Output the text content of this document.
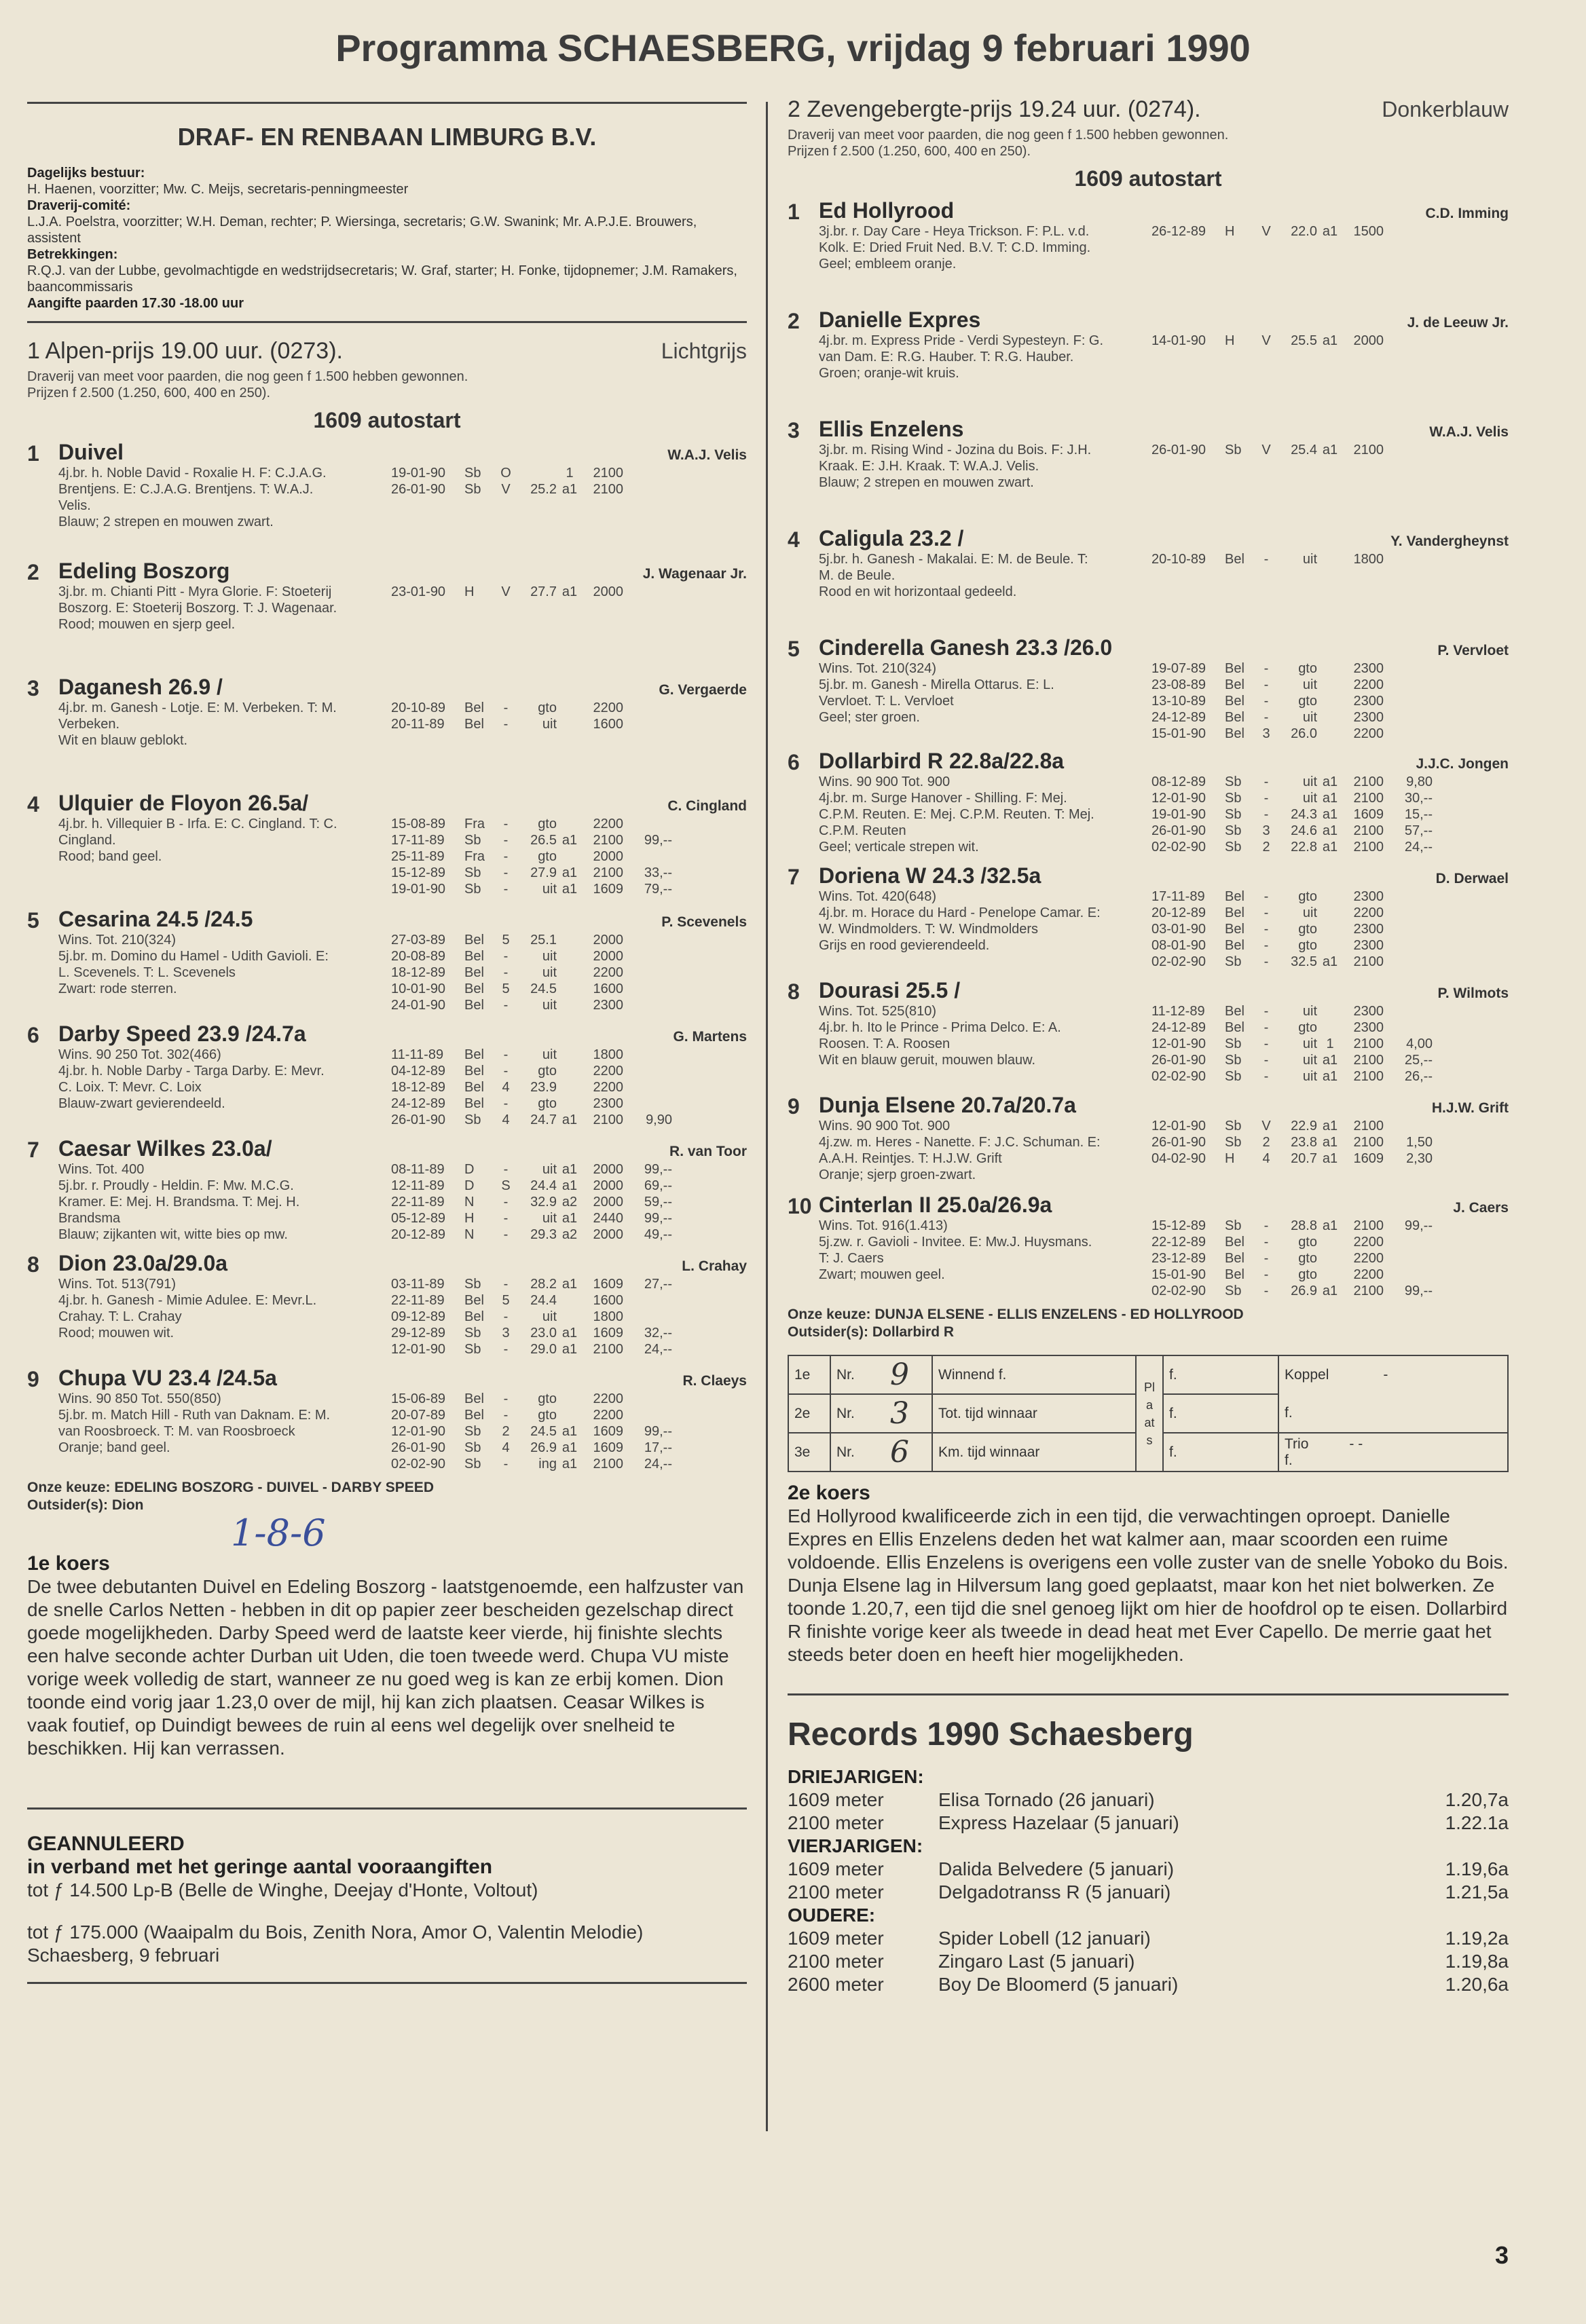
Programma SCHAESBERG, vrijdag 9 februari 1990
DRAF- EN RENBAAN LIMBURG B.V.
Dagelijks bestuur:
H. Haenen, voorzitter; Mw. C. Meijs, secretaris-penningmeester
Draverij-comité:
L.J.A. Poelstra, voorzitter; W.H. Deman, rechter; P. Wiersinga, secretaris; G.W. Swanink; Mr. A.P.J.E. Brouwers, assistent
Betrekkingen:
R.Q.J. van der Lubbe, gevolmachtigde en wedstrijdsecretaris; W. Graf, starter; H. Fonke, tijdopnemer; J.M. Ramakers, baancommissaris
Aangifte paarden 17.30 -18.00 uur
1 Alpen-prijs 19.00 uur. (0273).	Lichtgrijs
Draverij van meet voor paarden, die nog geen f 1.500 hebben gewonnen.
Prijzen f 2.500 (1.250, 600, 400 en 250).
1609 autostart
1 Duivel	W.A.J. Velis
4j.br. h. Noble David - Roxalie H. F: C.J.A.G.
Brentjens. E: C.J.A.G. Brentjens. T: W.A.J.
Velis.
Blauw; 2 strepen en mouwen zwart.
19-01-90	Sb	O	1	2100
26-01-90	Sb	V	25.2 a1	2100
2 Edeling Boszorg	J. Wagenaar Jr.
3j.br. m. Chianti Pitt - Myra Glorie. F: Stoeterij
Boszorg. E: Stoeterij Boszorg. T: J. Wagenaar.
Rood; mouwen en sjerp geel.
23-01-90	H	V	27.7 a1	2000
3 Daganesh 26.9 /	G. Vergaerde
4j.br. m. Ganesh - Lotje. E: M. Verbeken. T: M.
Verbeken.
Wit en blauw geblokt.
20-10-89	Bel	-	gto	2200
20-11-89	Bel	-	uit	1600
4 Ulquier de Floyon 26.5a/	C. Cingland
4j.br. h. Villequier B - Irfa. E: C. Cingland. T: C.
Cingland.
Rood; band geel.
15-08-89	Fra	-	gto	2200
17-11-89	Sb	-	26.5 a1	2100	99,--
25-11-89	Fra	-	gto	2000
15-12-89	Sb	-	27.9 a1	2100	33,--
19-01-90	Sb	-	uit a1	1609	79,--
5 Cesarina 24.5 /24.5	P. Scevenels
Wins. Tot. 210(324)
5j.br. m. Domino du Hamel - Udith Gavioli. E:
L. Scevenels. T: L. Scevenels
Zwart: rode sterren.
27-03-89	Bel	5	25.1	2000
20-08-89	Bel	-	uit	2000
18-12-89	Bel	-	uit	2200
10-01-90	Bel	5	24.5	1600
24-01-90	Bel	-	uit	2300
6 Darby Speed 23.9 /24.7a	G. Martens
Wins. 90 250 Tot. 302(466)
4j.br. h. Noble Darby - Targa Darby. E: Mevr.
C. Loix. T: Mevr. C. Loix
Blauw-zwart gevierendeeld.
11-11-89	Bel	-	uit	1800
04-12-89	Bel	-	gto	2200
18-12-89	Bel	4	23.9	2200
24-12-89	Bel	-	gto	2300
26-01-90	Sb	4	24.7 a1	2100	9,90
7 Caesar Wilkes 23.0a/	R. van Toor
Wins. Tot. 400
5j.br. r. Proudly - Heldin. F: Mw. M.C.G.
Kramer. E: Mej. H. Brandsma. T: Mej. H.
Brandsma
Blauw; zijkanten wit, witte bies op mw.
08-11-89	D	-	uit a1	2000	99,--
12-11-89	D	S	24.4 a1	2000	69,--
22-11-89	N	-	32.9 a2	2000	59,--
05-12-89	H	-	uit a1	2440	99,--
20-12-89	N	-	29.3 a2	2000	49,--
8 Dion 23.0a/29.0a	L. Crahay
Wins. Tot. 513(791)
4j.br. h. Ganesh - Mimie Adulee. E: Mevr.L.
Crahay. T: L. Crahay
Rood; mouwen wit.
03-11-89	Sb	-	28.2 a1	1609	27,--
22-11-89	Bel	5	24.4	1600
09-12-89	Bel	-	uit	1800
29-12-89	Sb	3	23.0 a1	1609	32,--
12-01-90	Sb	-	29.0 a1	2100	24,--
9 Chupa VU 23.4 /24.5a	R. Claeys
Wins. 90 850 Tot. 550(850)
5j.br. m. Match Hill - Ruth van Daknam. E: M.
van Roosbroeck. T: M. van Roosbroeck
Oranje; band geel.
15-06-89	Bel	-	gto	2200
20-07-89	Bel	-	gto	2200
12-01-90	Sb	2	24.5 a1	1609	99,--
26-01-90	Sb	4	26.9 a1	1609	17,--
02-02-90	Sb	-	ing a1	2100	24,--
Onze keuze: EDELING BOSZORG - DUIVEL - DARBY SPEED
Outsider(s): Dion
1-8-6
1e koers
De twee debutanten Duivel en Edeling Boszorg - laatstgenoemde, een halfzuster van de snelle Carlos Netten - hebben in dit op papier zeer bescheiden gezelschap direct goede mogelijkheden. Darby Speed werd de laatste keer vierde, hij finishte slechts een halve seconde achter Durban uit Uden, die toen tweede werd. Chupa VU miste vorige week volledig de start, wanneer ze nu goed weg is kan ze erbij komen. Dion toonde eind vorig jaar 1.23,0 over de mijl, hij kan zich plaatsen. Ceasar Wilkes is vaak foutief, op Duindigt bewees de ruin al eens wel degelijk over snelheid te beschikken. Hij kan verrassen.
GEANNULEERD
in verband met het geringe aantal vooraangiften
tot ƒ 14.500 Lp-B (Belle de Winghe, Deejay d'Honte, Voltout)
tot ƒ 175.000 (Waaipalm du Bois, Zenith Nora, Amor O, Valentin Melodie)
Schaesberg, 9 februari
2 Zevengebergte-prijs 19.24 uur. (0274).	Donkerblauw
Draverij van meet voor paarden, die nog geen f 1.500 hebben gewonnen.
Prijzen f 2.500 (1.250, 600, 400 en 250).
1609 autostart
1 Ed Hollyrood	C.D. Imming
3j.br. r. Day Care - Heya Trickson. F: P.L. v.d.
Kolk. E: Dried Fruit Ned. B.V. T: C.D. Imming.
Geel; embleem oranje.
26-12-89	H	V	22.0 a1	1500
2 Danielle Expres	J. de Leeuw Jr.
4j.br. m. Express Pride - Verdi Sypesteyn. F: G.
van Dam. E: R.G. Hauber. T: R.G. Hauber.
Groen; oranje-wit kruis.
14-01-90	H	V	25.5 a1	2000
3 Ellis Enzelens	W.A.J. Velis
3j.br. m. Rising Wind - Jozina du Bois. F: J.H.
Kraak. E: J.H. Kraak. T: W.A.J. Velis.
Blauw; 2 strepen en mouwen zwart.
26-01-90	Sb	V	25.4 a1	2100
4 Caligula 23.2 /	Y. Vandergheynst
5j.br. h. Ganesh - Makalai. E: M. de Beule. T:
M. de Beule.
Rood en wit horizontaal gedeeld.
20-10-89	Bel	-	uit	1800
5 Cinderella Ganesh 23.3 /26.0	P. Vervloet
Wins. Tot. 210(324)
5j.br. m. Ganesh - Mirella Ottarus. E: L.
Vervloet. T: L. Vervloet
Geel; ster groen.
19-07-89	Bel	-	gto	2300
23-08-89	Bel	-	uit	2200
13-10-89	Bel	-	gto	2300
24-12-89	Bel	-	uit	2300
15-01-90	Bel	3	26.0	2200
6 Dollarbird R 22.8a/22.8a	J.J.C. Jongen
Wins. 90 900 Tot. 900
4j.br. m. Surge Hanover - Shilling. F: Mej.
C.P.M. Reuten. E: Mej. C.P.M. Reuten. T: Mej.
C.P.M. Reuten
Geel; verticale strepen wit.
08-12-89	Sb	-	uit a1	2100	9,80
12-01-90	Sb	-	uit a1	2100	30,--
19-01-90	Sb	-	24.3 a1	1609	15,--
26-01-90	Sb	3	24.6 a1	2100	57,--
02-02-90	Sb	2	22.8 a1	2100	24,--
7 Doriena W 24.3 /32.5a	D. Derwael
Wins. Tot. 420(648)
4j.br. m. Horace du Hard - Penelope Camar. E:
W. Windmolders. T: W. Windmolders
Grijs en rood gevierendeeld.
17-11-89	Bel	-	gto	2300
20-12-89	Bel	-	uit	2200
03-01-90	Bel	-	gto	2300
08-01-90	Bel	-	gto	2300
02-02-90	Sb	-	32.5 a1	2100
8 Dourasi 25.5 /	P. Wilmots
Wins. Tot. 525(810)
4j.br. h. Ito le Prince - Prima Delco. E: A.
Roosen. T: A. Roosen
Wit en blauw geruit, mouwen blauw.
11-12-89	Bel	-	uit	2300
24-12-89	Bel	-	gto	2300
12-01-90	Sb	-	uit 1	2100	4,00
26-01-90	Sb	-	uit a1	2100	25,--
02-02-90	Sb	-	uit a1	2100	26,--
9 Dunja Elsene 20.7a/20.7a	H.J.W. Grift
Wins. 90 900 Tot. 900
4j.zw. m. Heres - Nanette. F: J.C. Schuman. E:
A.A.H. Reintjes. T: H.J.W. Grift
Oranje; sjerp groen-zwart.
12-01-90	Sb	V	22.9 a1	2100
26-01-90	Sb	2	23.8 a1	2100	1,50
04-02-90	H	4	20.7 a1	1609	2,30
10 Cinterlan II 25.0a/26.9a	J. Caers
Wins. Tot. 916(1.413)
5j.zw. r. Gavioli - Invitee. E: Mw.J. Huysmans.
T: J. Caers
Zwart; mouwen geel.
15-12-89	Sb	-	28.8 a1	2100	99,--
22-12-89	Bel	-	gto	2200
23-12-89	Bel	-	gto	2200
15-01-90	Bel	-	gto	2200
02-02-90	Sb	-	26.9 a1	2100	99,--
Onze keuze: DUNJA ELSENE - ELLIS ENZELENS - ED HOLLYROOD
Outsider(s): Dollarbird R
1e	Nr.	9	Winnend f.	Plaats	f.	Koppel -
2e	Nr.	3	Tot. tijd winnaar		f.	f.
3e	Nr.	6	Km. tijd winnaar		f.	Trio - -
f.
2e koers
Ed Hollyrood kwalificeerde zich in een tijd, die verwachtingen oproept. Danielle Expres en Ellis Enzelens deden het wat kalmer aan, maar scoorden een ruime voldoende. Ellis Enzelens is overigens een volle zuster van de snelle Yoboko du Bois. Dunja Elsene lag in Hilversum lang goed geplaatst, maar kon het niet bolwerken. Ze toonde 1.20,7, een tijd die snel genoeg lijkt om hier de hoofdrol op te eisen. Dollarbird R finishte vorige keer als tweede in dead heat met Ever Capello. De merrie gaat het steeds beter doen en heeft hier mogelijkheden.
Records 1990 Schaesberg
DRIEJARIGEN:
1609 meter	Elisa Tornado (26 januari)	1.20,7a
2100 meter	Express Hazelaar (5 januari)	1.22.1a
VIERJARIGEN:
1609 meter	Dalida Belvedere (5 januari)	1.19,6a
2100 meter	Delgadotranss R (5 januari)	1.21,5a
OUDERE:
1609 meter	Spider Lobell (12 januari)	1.19,2a
2100 meter	Zingaro Last (5 januari)	1.19,8a
2600 meter	Boy De Bloomerd (5 januari)	1.20,6a
3
